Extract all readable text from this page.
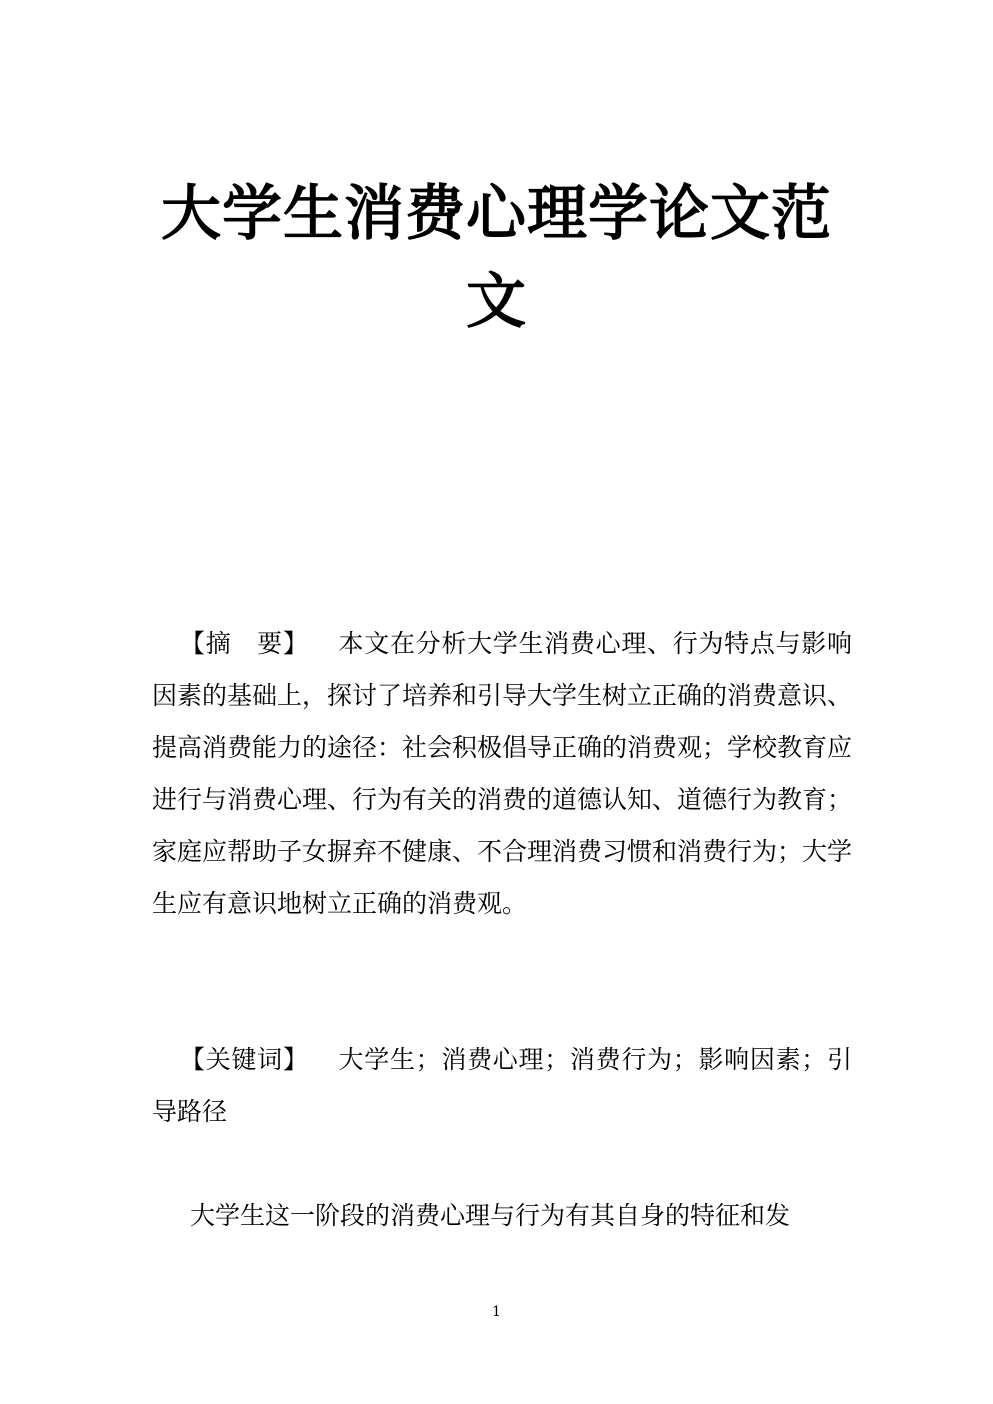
大学生消费心理学论文范文

【摘　要】 本文在分析大学生消费心理、行为特点与影响因素的基础上，探讨了培养和引导大学生树立正确的消费意识、提高消费能力的途径：社会积极倡导正确的消费观；学校教育应进行与消费心理、行为有关的消费的道德认知、道德行为教育；家庭应帮助子女摒弃不健康、不合理消费习惯和消费行为；大学生应有意识地树立正确的消费观。

【关键词】 大学生；消费心理；消费行为；影响因素；引导路径

大学生这一阶段的消费心理与行为有其自身的特征和发

1
